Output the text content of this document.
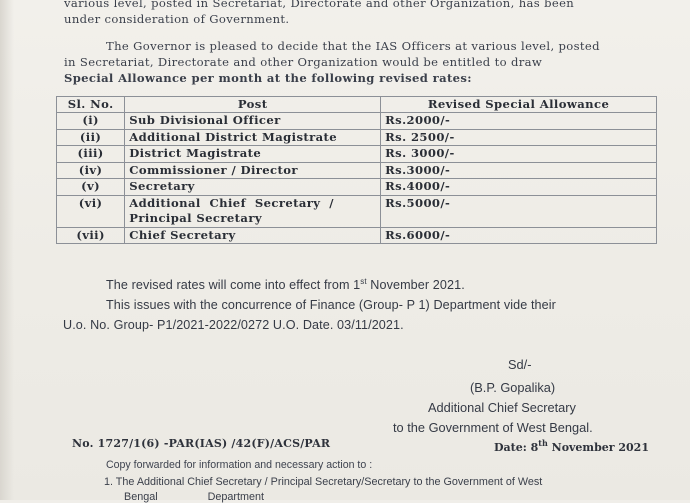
various level, posted in Secretariat, Directorate and other Organization, has been
under consideration of Government.
The Governor is pleased to decide that the IAS Officers at various level, posted
in Secretariat, Directorate and other Organization would be entitled to draw
Special Allowance per month at the following revised rates:
Sl. No.	Post	Revised Special Allowance
(i)	Sub Divisional Officer	Rs.2000/-
(ii)	Additional District Magistrate	Rs. 2500/-
(iii)	District Magistrate	Rs. 3000/-
(iv)	Commissioner / Director	Rs.3000/-
(v)	Secretary	Rs.4000/-
(vi)	Additional  Chief  Secretary  /
Principal Secretary	Rs.5000/-
(vii)	Chief Secretary	Rs.6000/-
The revised rates will come into effect from 1st November 2021.
This issues with the concurrence of Finance (Group- P 1) Department vide their
U.o. No. Group- P1/2021-2022/0272 U.O. Date. 03/11/2021.
Sd/-
(B.P. Gopalika)
Additional Chief Secretary
to the Government of West Bengal.
No. 1727/1(6) -PAR(IAS) /42(F)/ACS/PAR	Date: 8th November 2021
Copy forwarded for information and necessary action to :
1. The Additional Chief Secretary / Principal Secretary/Secretary to the Government of West
Bengal	Department
